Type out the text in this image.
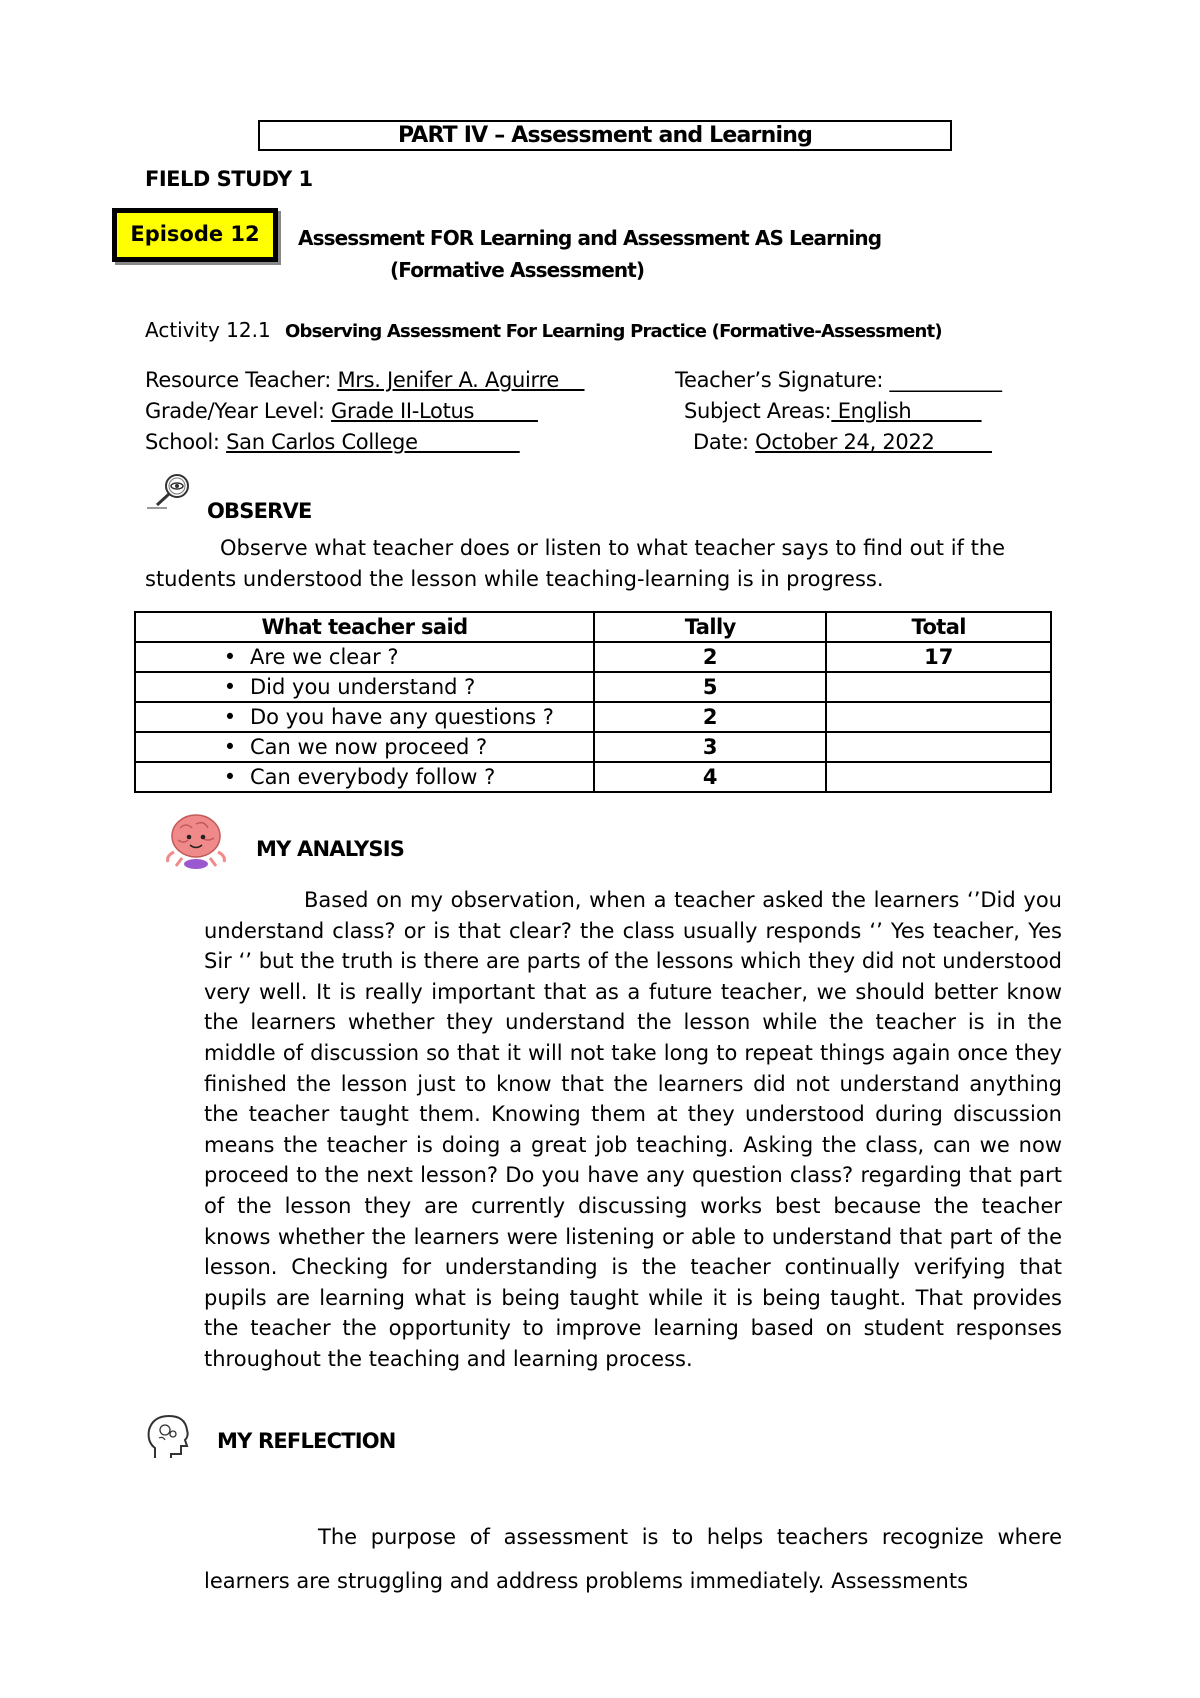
PART IV – Assessment and Learning
FIELD STUDY 1
Episode 12	Assessment FOR Learning and Assessment AS Learning
(Formative Assessment)
Activity 12.1 Observing Assessment For Learning Practice (Formative-Assessment)
Resource Teacher: Mrs. Jenifer A. Aguirre	Teacher’s Signature: ___________
Grade/Year Level: Grade II-Lotus	Subject Areas: English
School: San Carlos College	Date: October 24, 2022
OBSERVE
Observe what teacher does or listen to what teacher says to find out if the
students understood the lesson while teaching-learning is in progress.
What teacher said	Tally	Total
• Are we clear ?	2	17
• Did you understand ?	5	
• Do you have any questions ?	2	
• Can we now proceed ?	3	
• Can everybody follow ?	4	
MY ANALYSIS
Based on my observation, when a teacher asked the learners ‘’Did you understand class? or is that clear? the class usually responds ‘’ Yes teacher, Yes Sir ‘’ but the truth is there are parts of the lessons which they did not understood very well. It is really important that as a future teacher, we should better know the learners whether they understand the lesson while the teacher is in the middle of discussion so that it will not take long to repeat things again once they finished the lesson just to know that the learners did not understand anything the teacher taught them. Knowing them at they understood during discussion means the teacher is doing a great job teaching. Asking the class, can we now proceed to the next lesson? Do you have any question class? regarding that part of the lesson they are currently discussing works best because the teacher knows whether the learners were listening or able to understand that part of the lesson. Checking for understanding is the teacher continually verifying that pupils are learning what is being taught while it is being taught. That provides the teacher the opportunity to improve learning based on student responses throughout the teaching and learning process.
MY REFLECTION
The purpose of assessment is to helps teachers recognize where learners are struggling and address problems immediately. Assessments
